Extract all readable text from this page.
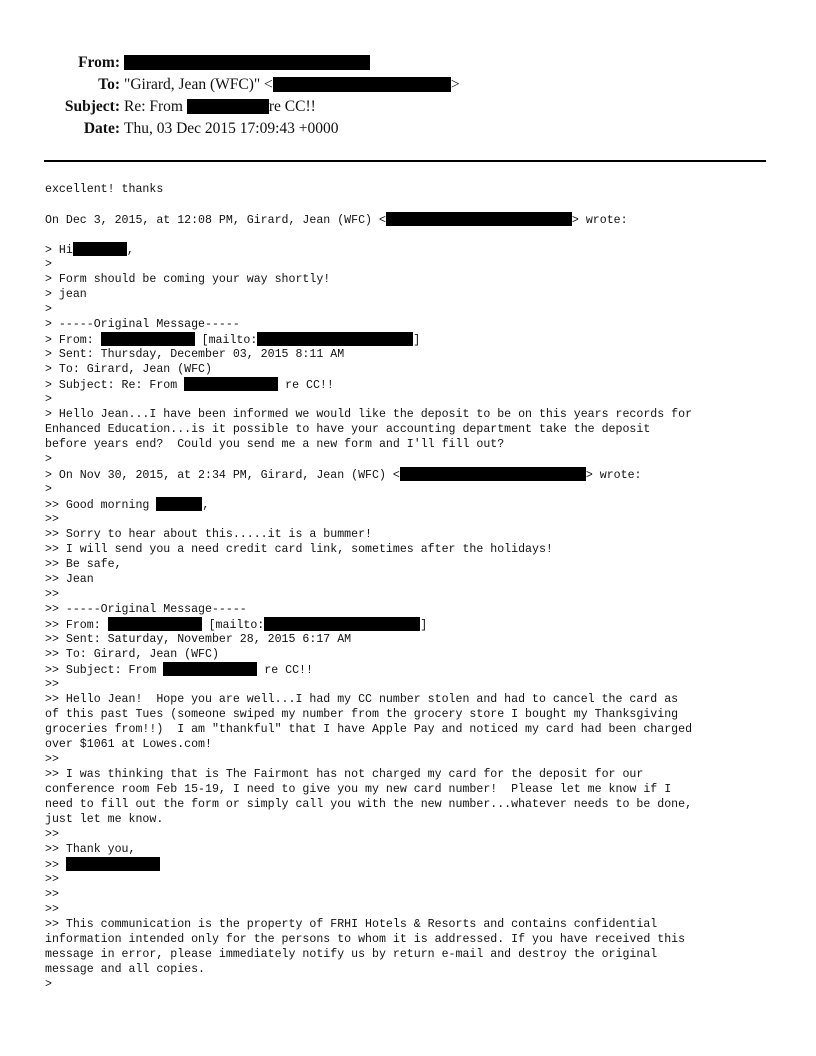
From:
To: "Girard, Jean (WFC)" <	>
Subject: Re: From	re CC!!
Date: Thu, 03 Dec 2015 17:09:43 +0000
excellent! thanks
On Dec 3, 2015, at 12:08 PM, Girard, Jean (WFC) <	> wrote:
> Hi	,
>
> Form should be coming your way shortly!
> jean
>
> -----Original Message-----
> From:	[mailto:	]
> Sent: Thursday, December 03, 2015 8:11 AM
> To: Girard, Jean (WFC)
> Subject: Re: From	re CC!!
>
> Hello Jean...I have been informed we would like the deposit to be on this years records for
Enhanced Education...is it possible to have your accounting department take the deposit
before years end?  Could you send me a new form and I'll fill out?
>
> On Nov 30, 2015, at 2:34 PM, Girard, Jean (WFC) <	> wrote:
>
>> Good morning	,
>>
>> Sorry to hear about this.....it is a bummer!
>> I will send you a need credit card link, sometimes after the holidays!
>> Be safe,
>> Jean
>>
>> -----Original Message-----
>> From:	[mailto:	]
>> Sent: Saturday, November 28, 2015 6:17 AM
>> To: Girard, Jean (WFC)
>> Subject: From	re CC!!
>>
>> Hello Jean!  Hope you are well...I had my CC number stolen and had to cancel the card as
of this past Tues (someone swiped my number from the grocery store I bought my Thanksgiving
groceries from!!)  I am "thankful" that I have Apple Pay and noticed my card had been charged
over $1061 at Lowes.com!
>>
>> I was thinking that is The Fairmont has not charged my card for the deposit for our
conference room Feb 15-19, I need to give you my new card number!  Please let me know if I
need to fill out the form or simply call you with the new number...whatever needs to be done,
just let me know.
>>
>> Thank you,
>>
>>
>>
>>
>> This communication is the property of FRHI Hotels & Resorts and contains confidential
information intended only for the persons to whom it is addressed. If you have received this
message in error, please immediately notify us by return e-mail and destroy the original
message and all copies.
>
